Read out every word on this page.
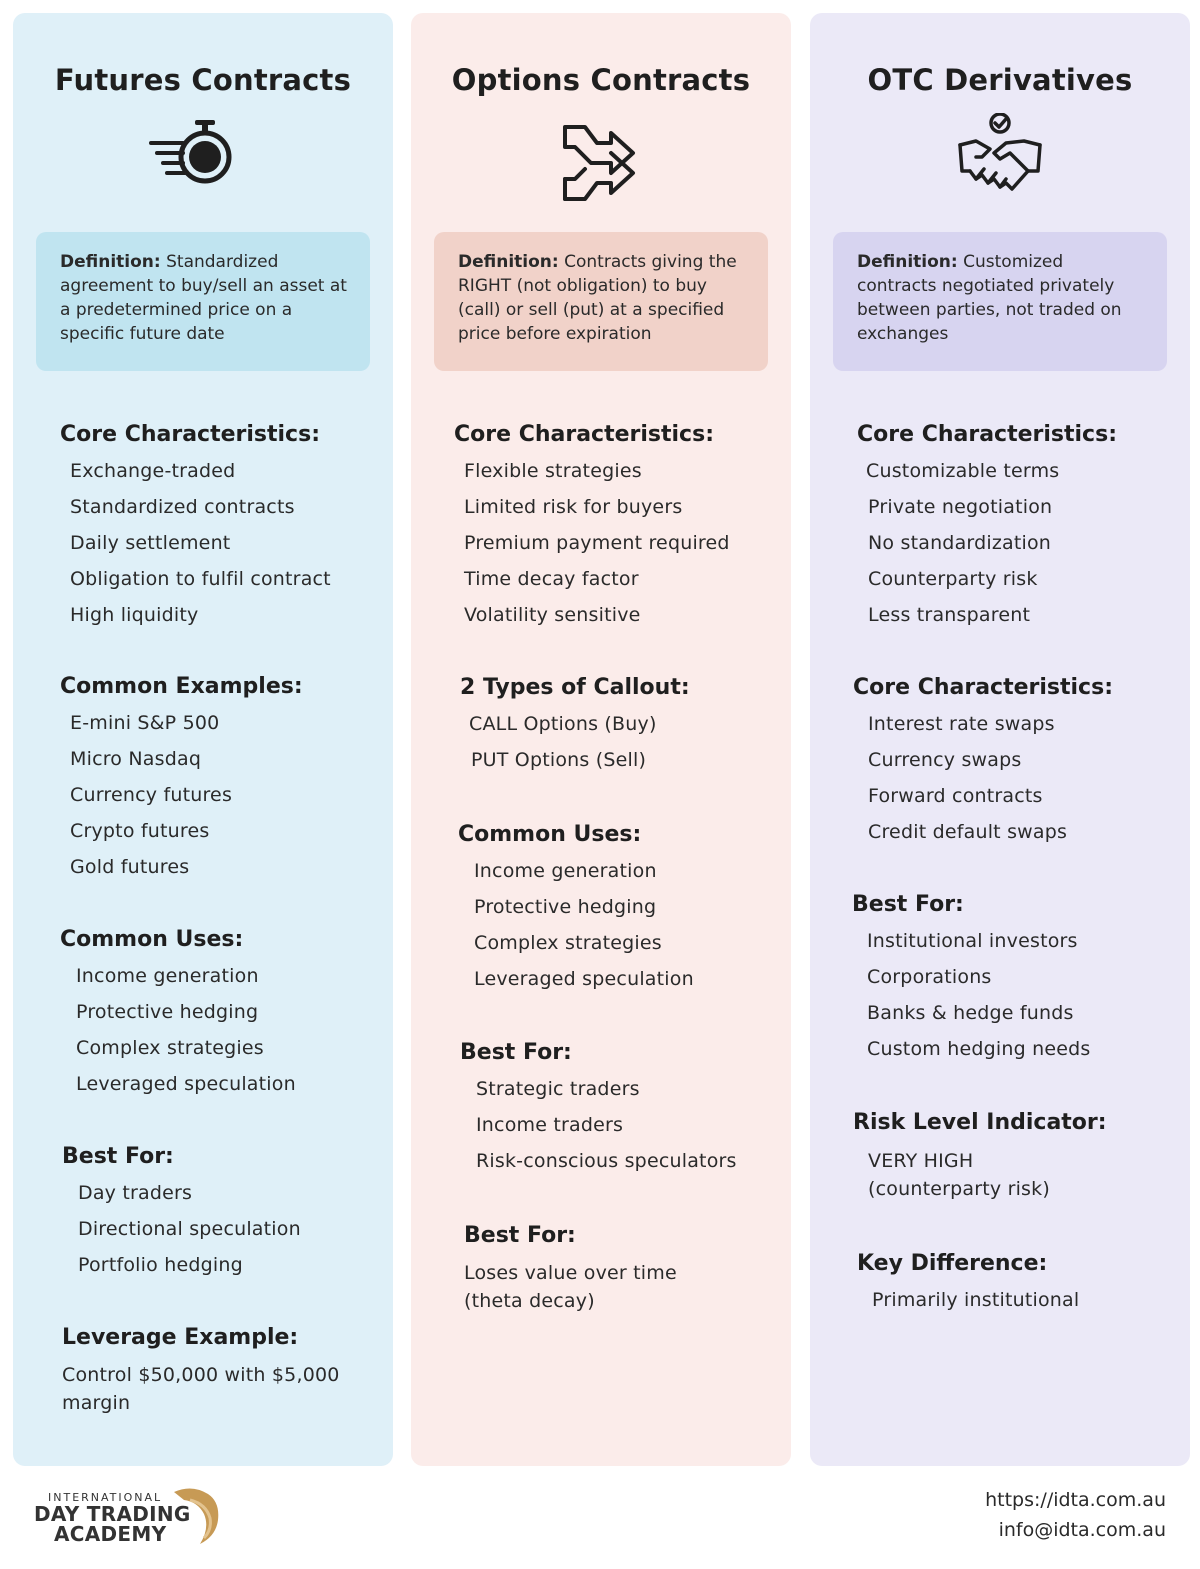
Futures Contracts
Definition: Standardized agreement to buy/sell an asset at a predetermined price on a specific future date
Core Characteristics:
Exchange-traded
Standardized contracts
Daily settlement
Obligation to fulfil contract
High liquidity
Common Examples:
E-mini S&P 500
Micro Nasdaq
Currency futures
Crypto futures
Gold futures
Common Uses:
Income generation
Protective hedging
Complex strategies
Leveraged speculation
Best For:
Day traders
Directional speculation
Portfolio hedging
Leverage Example:
Control $50,000 with $5,000 margin
Options Contracts
Definition: Contracts giving the RIGHT (not obligation) to buy (call) or sell (put) at a specified price before expiration
Core Characteristics:
Flexible strategies
Limited risk for buyers
Premium payment required
Time decay factor
Volatility sensitive
2 Types of Callout:
CALL Options (Buy)
PUT Options (Sell)
Common Uses:
Income generation
Protective hedging
Complex strategies
Leveraged speculation
Best For:
Strategic traders
Income traders
Risk-conscious speculators
Best For:
Loses value over time (theta decay)
OTC Derivatives
Definition: Customized contracts negotiated privately between parties, not traded on exchanges
Core Characteristics:
Customizable terms
Private negotiation
No standardization
Counterparty risk
Less transparent
Core Characteristics:
Interest rate swaps
Currency swaps
Forward contracts
Credit default swaps
Best For:
Institutional investors
Corporations
Banks & hedge funds
Custom hedging needs
Risk Level Indicator:
VERY HIGH (counterparty risk)
Key Difference:
Primarily institutional
INTERNATIONAL
DAY TRADING
ACADEMY
https://idta.com.au
info@idta.com.au
